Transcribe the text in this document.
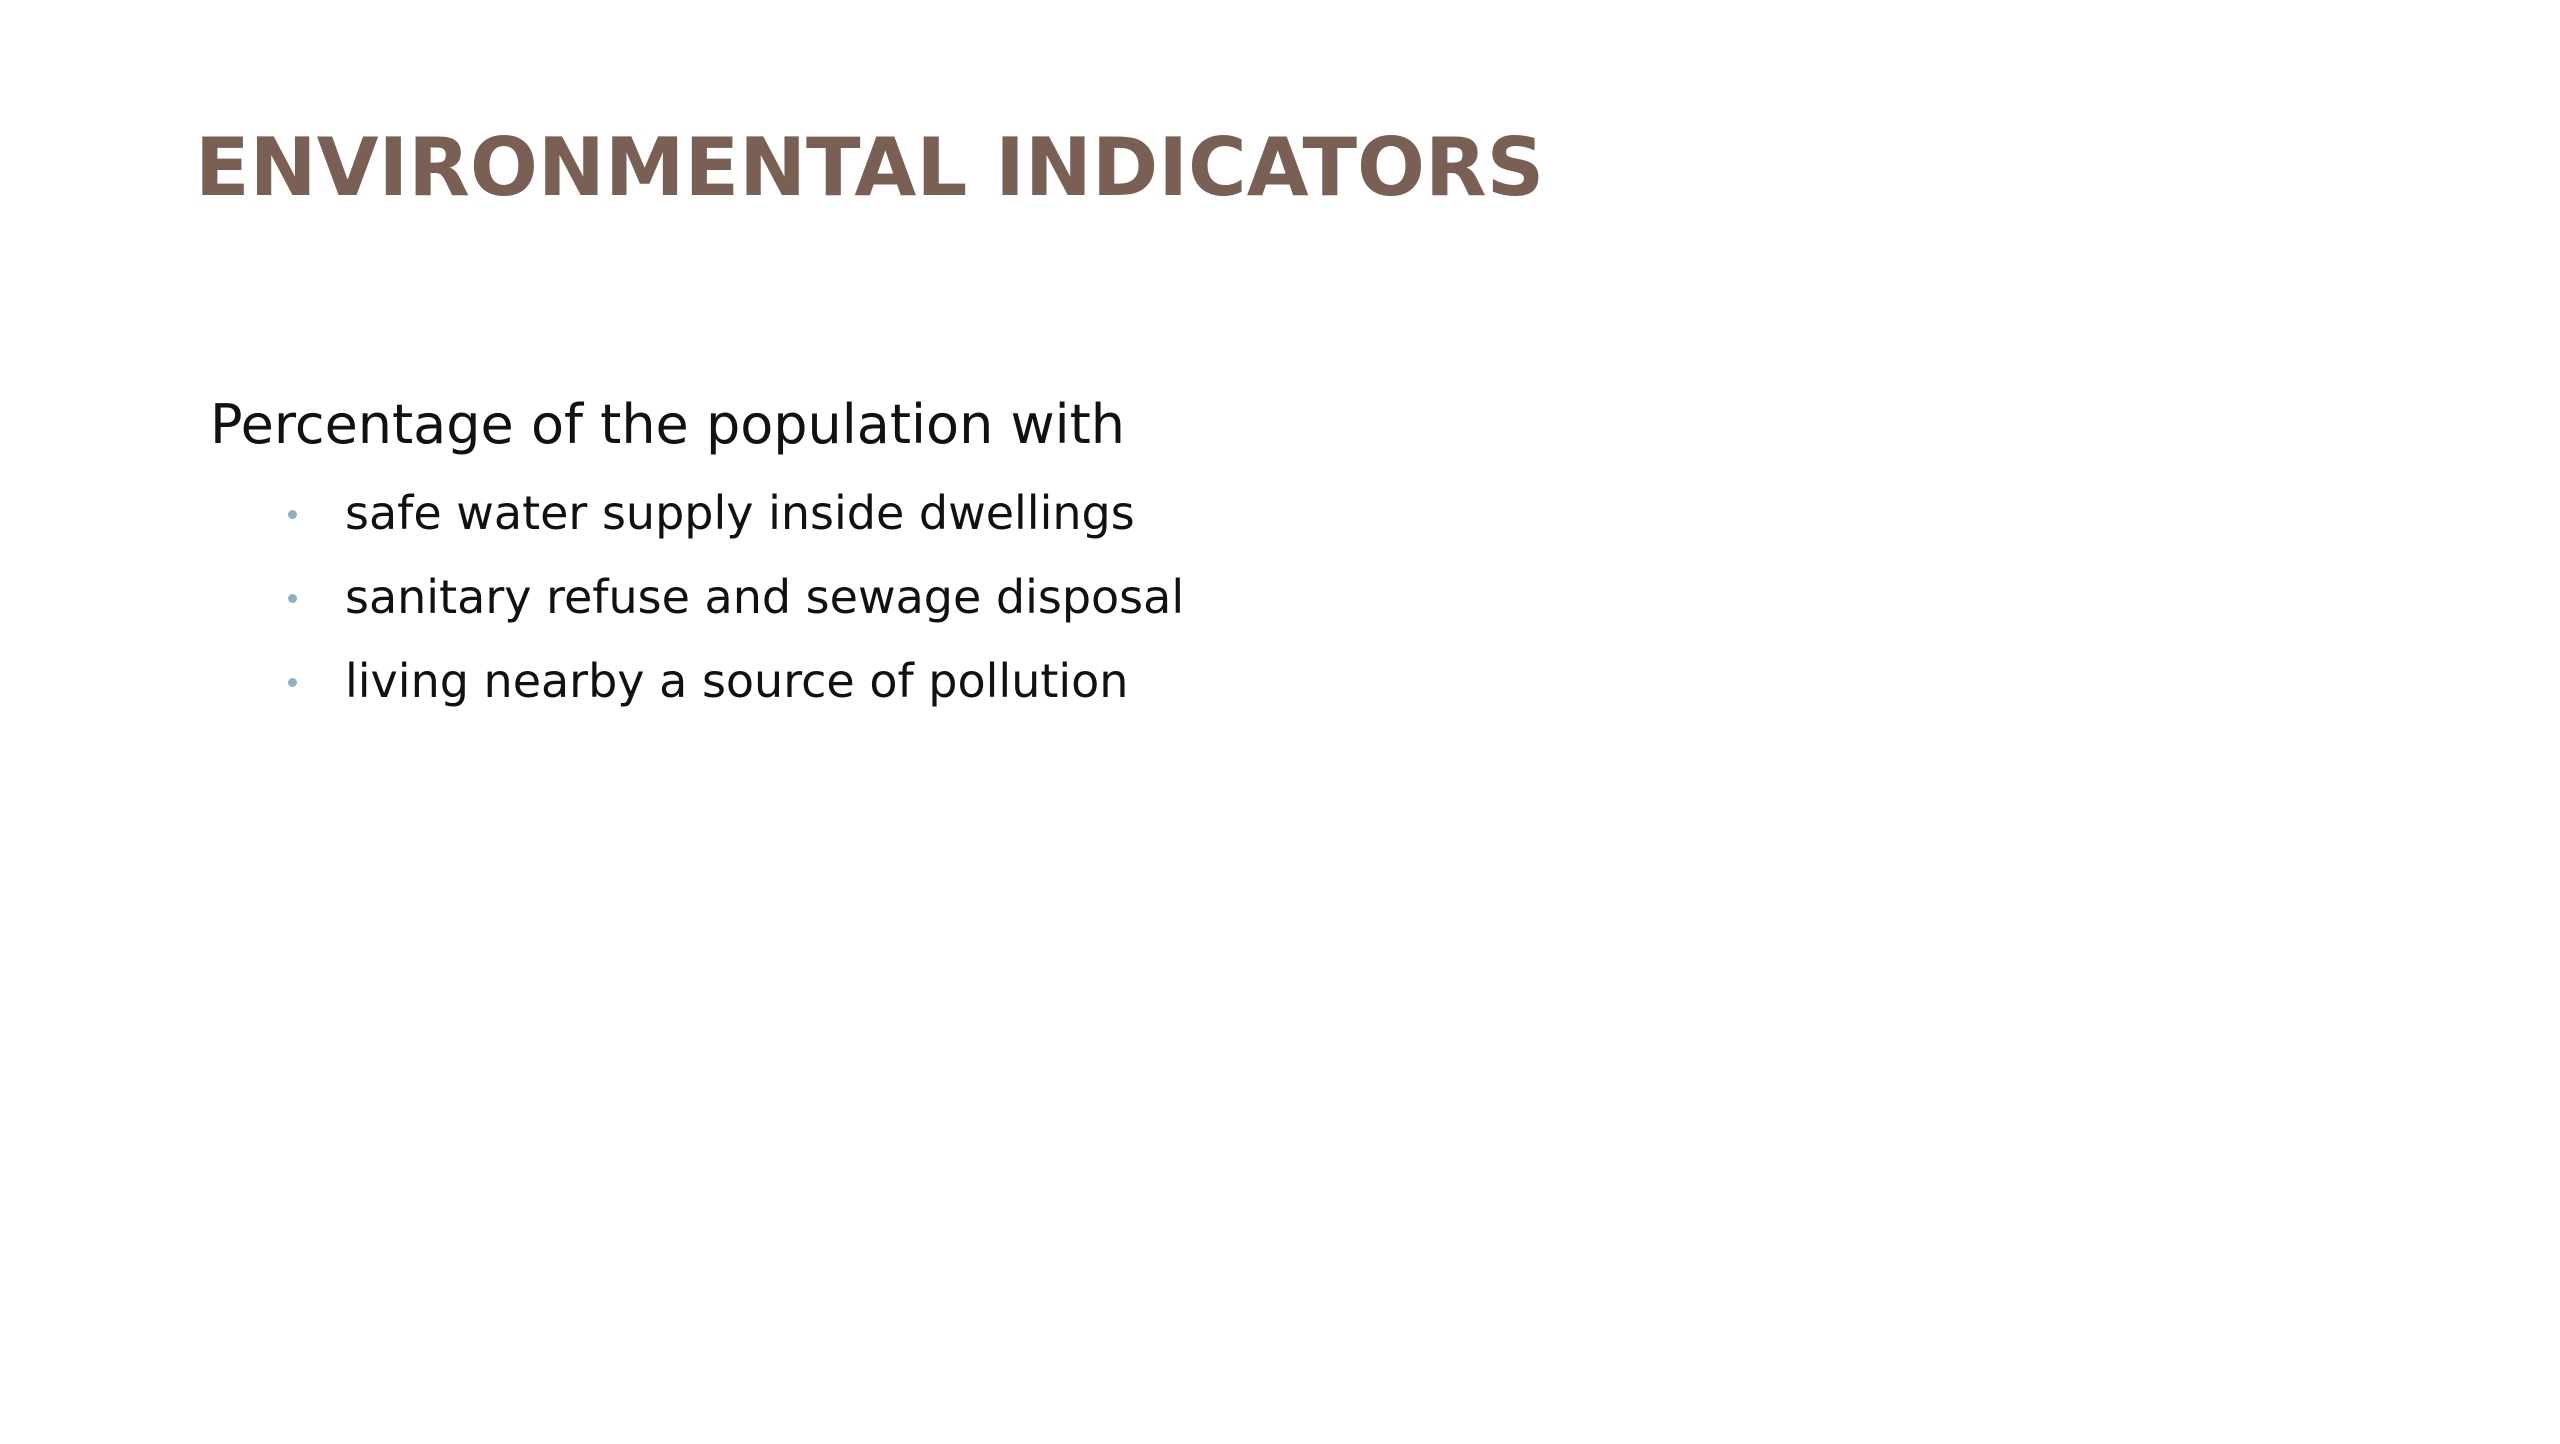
ENVIRONMENTAL INDICATORS

Percentage of the population with

safe water supply inside dwellings
sanitary refuse and sewage disposal
living nearby a source of pollution
